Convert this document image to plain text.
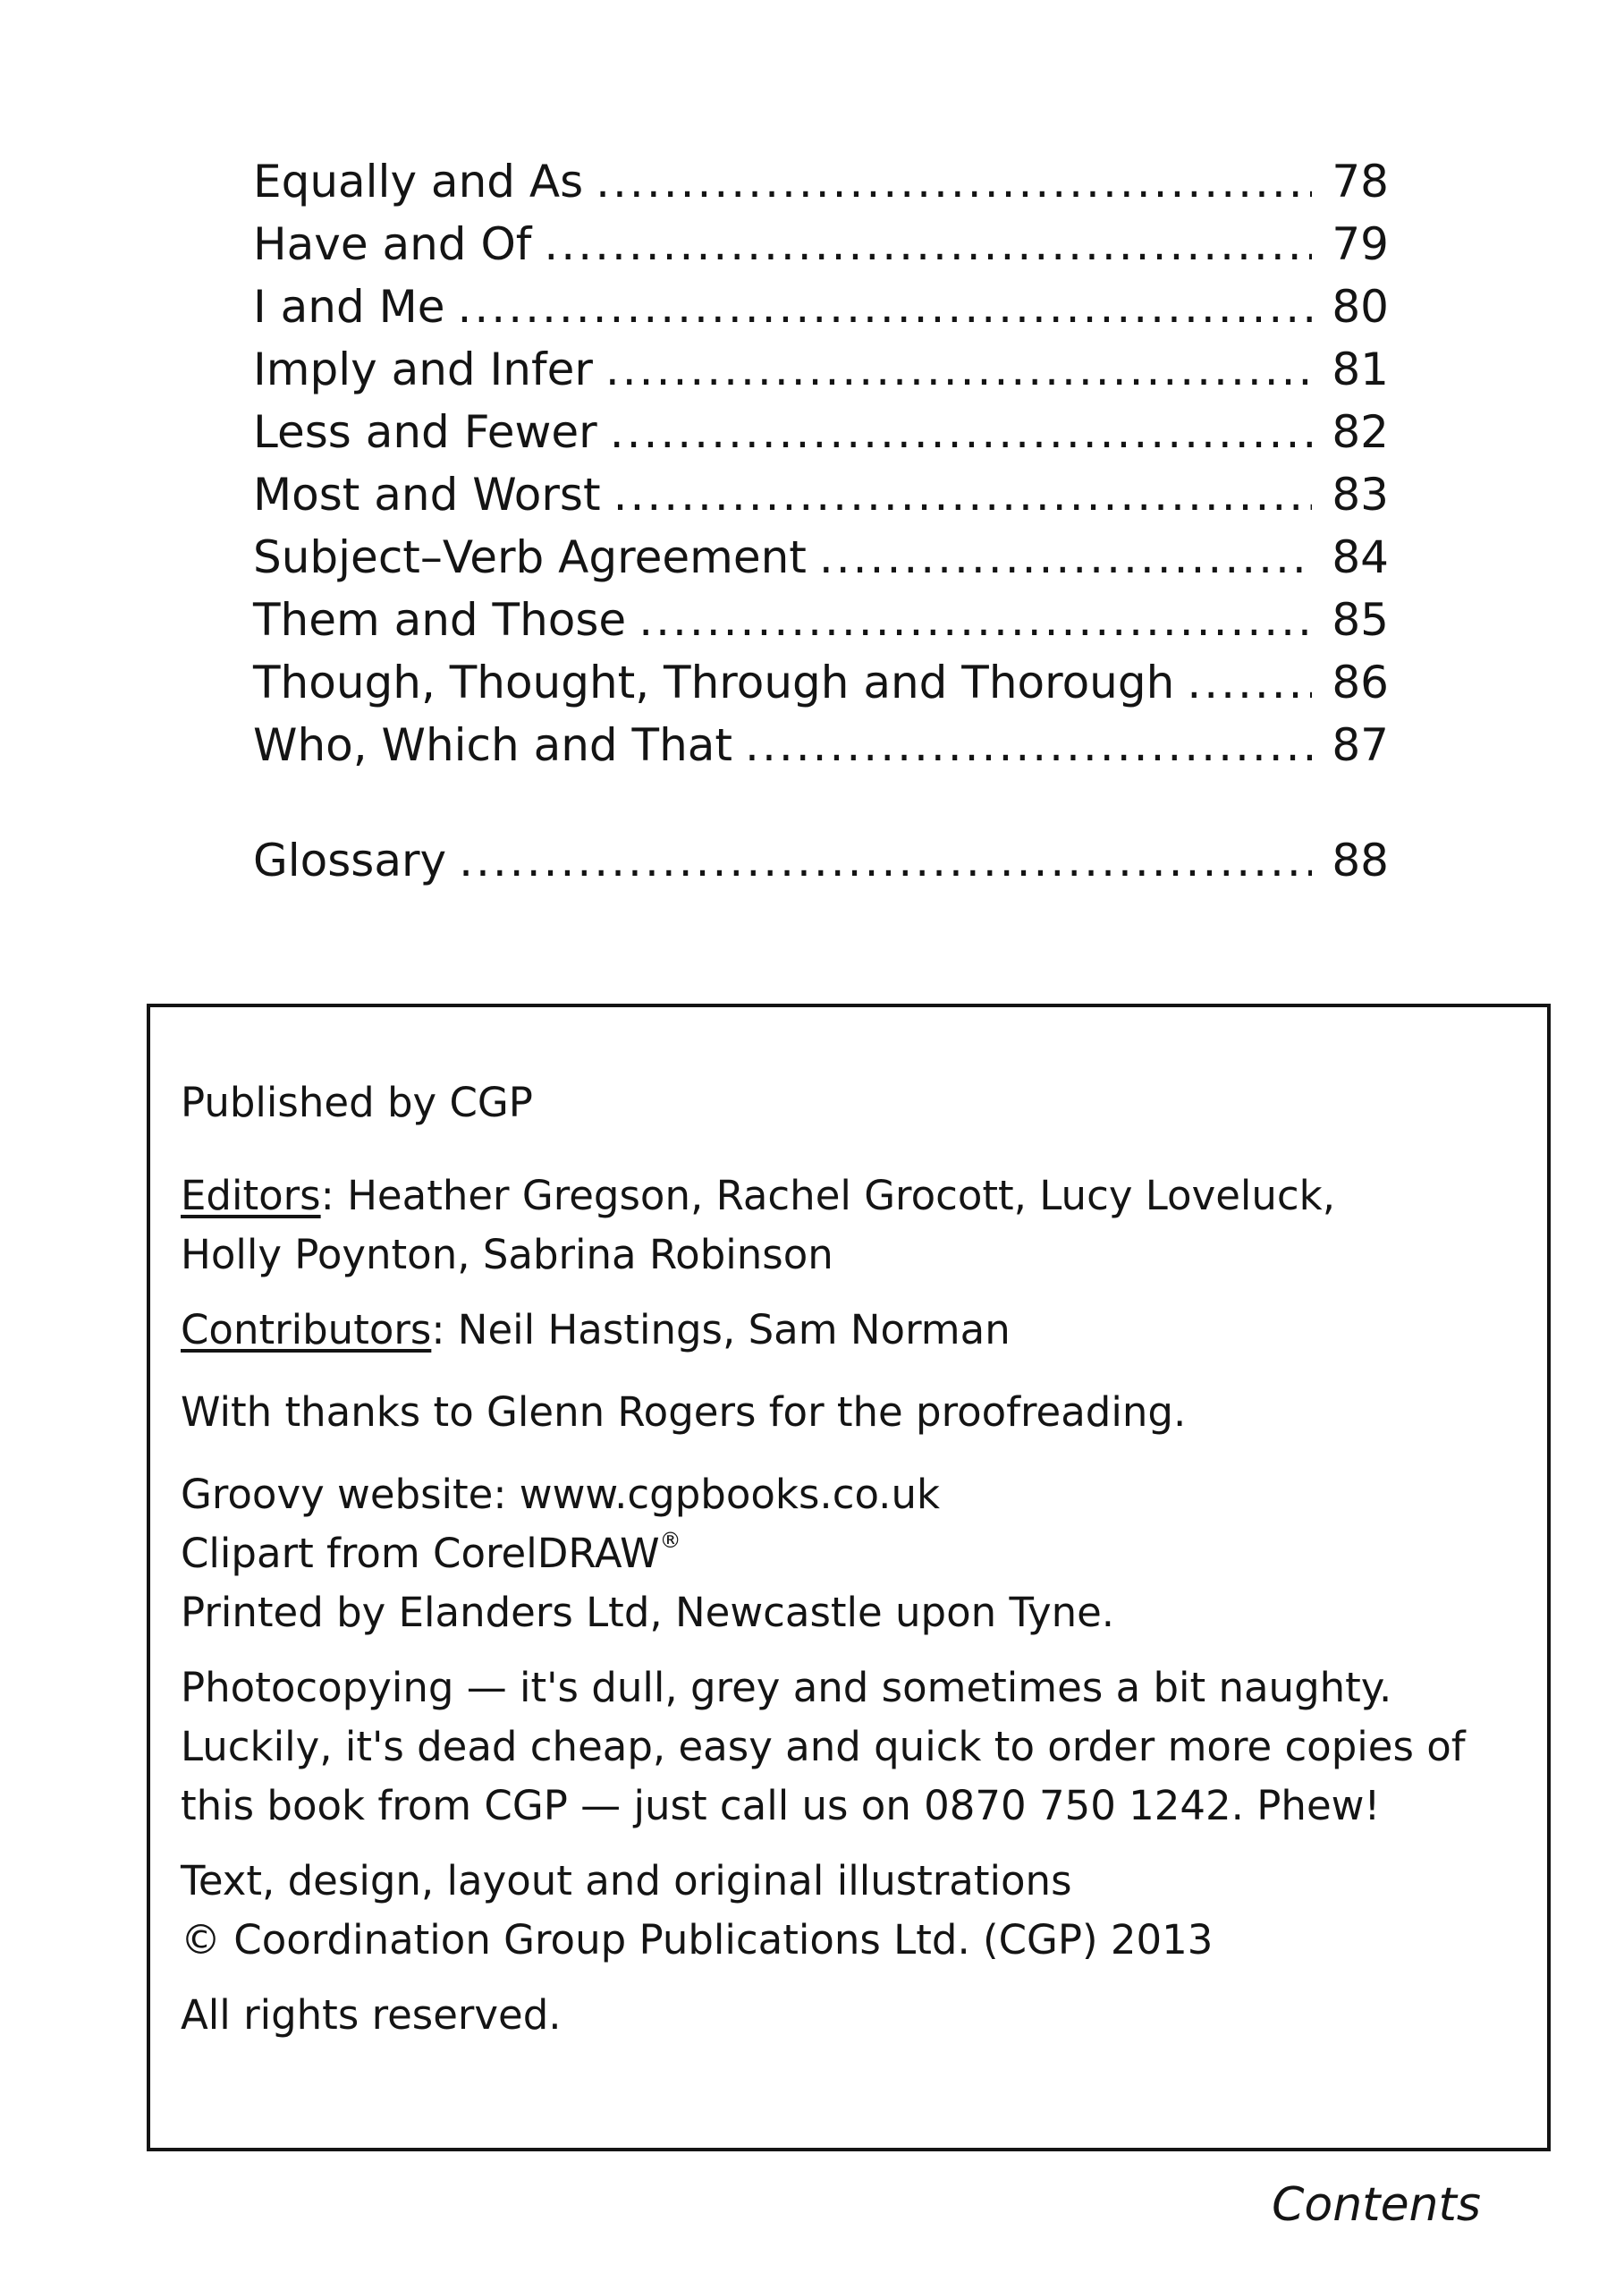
Equally and As .....	78
Have and Of .....	79
I and Me .....	80
Imply and Infer .....	81
Less and Fewer .....	82
Most and Worst .....	83
Subject–Verb Agreement .....	84
Them and Those .....	85
Though, Thought, Through and Thorough .....	86
Who, Which and That .....	87
Glossary .....	88

Published by CGP

Editors: Heather Gregson, Rachel Grocott, Lucy Loveluck,

Holly Poynton, Sabrina Robinson

Contributors: Neil Hastings, Sam Norman

With thanks to Glenn Rogers for the proofreading.

Groovy website: www.cgpbooks.co.uk

Clipart from CorelDRAW®

Printed by Elanders Ltd, Newcastle upon Tyne.

Photocopying — it's dull, grey and sometimes a bit naughty.

Luckily, it's dead cheap, easy and quick to order more copies of

this book from CGP — just call us on 0870 750 1242. Phew!

Text, design, layout and original illustrations

© Coordination Group Publications Ltd. (CGP) 2013

All rights reserved.

Contents
